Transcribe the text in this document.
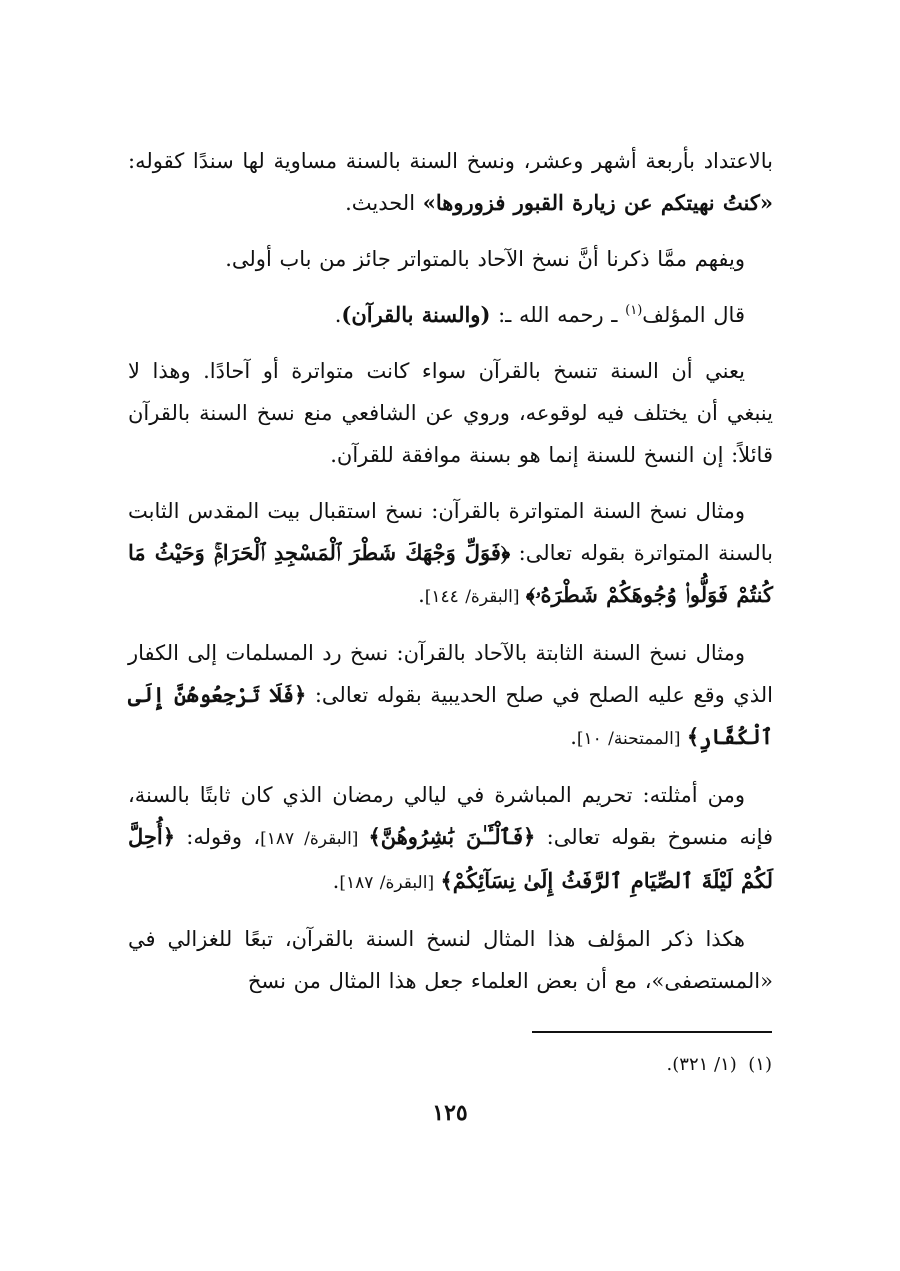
بالاعتداد بأربعة أشهر وعشر، ونسخ السنة بالسنة مساوية لها سندًا كقوله: «كنتُ نهيتكم عن زيارة القبور فزوروها» الحديث.

ويفهم ممَّا ذكرنا أنَّ نسخ الآحاد بالمتواتر جائز من باب أولى.

قال المؤلف$^{(١)}$ ـ رحمه الله ـ: (والسنة بالقرآن).

يعني أن السنة تنسخ بالقرآن سواء كانت متواترة أو آحادًا. وهذا لا ينبغي أن يختلف فيه لوقوعه، وروي عن الشافعي منع نسخ السنة بالقرآن قائلاً: إن النسخ للسنة إنما هو بسنة موافقة للقرآن.

ومثال نسخ السنة المتواترة بالقرآن: نسخ استقبال بيت المقدس الثابت بالسنة المتواترة بقوله تعالى: ﴿فَوَلِّ وَجْهَكَ شَطْرَ ٱلْمَسْجِدِ ٱلْحَرَامِۚ وَحَيْثُ مَا كُنتُمْ فَوَلُّوا۟ وُجُوهَكُمْ شَطْرَهُۥ﴾ [البقرة/ ١٤٤].

ومثال نسخ السنة الثابتة بالآحاد بالقرآن: نسخ رد المسلمات إلى الكفار الذي وقع عليه الصلح في صلح الحديبية بقوله تعالى: ﴿فَلَا تَرْجِعُوهُنَّ إِلَى ٱلْكُفَّارِ﴾ [الممتحنة/ ١٠].

ومن أمثلته: تحريم المباشرة في ليالي رمضان الذي كان ثابتًا بالسنة، فإنه منسوخ بقوله تعالى: ﴿فَٱلْـَٔـٰنَ بَٰشِرُوهُنَّ﴾ [البقرة/ ١٨٧]، وقوله: ﴿أُحِلَّ لَكُمْ لَيْلَةَ ٱلصِّيَامِ ٱلرَّفَثُ إِلَىٰ نِسَآئِكُمْ﴾ [البقرة/ ١٨٧].

هكذا ذكر المؤلف هذا المثال لنسخ السنة بالقرآن، تبعًا للغزالي في «المستصفى»، مع أن بعض العلماء جعل هذا المثال من نسخ

(١)  (١/ ٣٢١).
١٢٥
